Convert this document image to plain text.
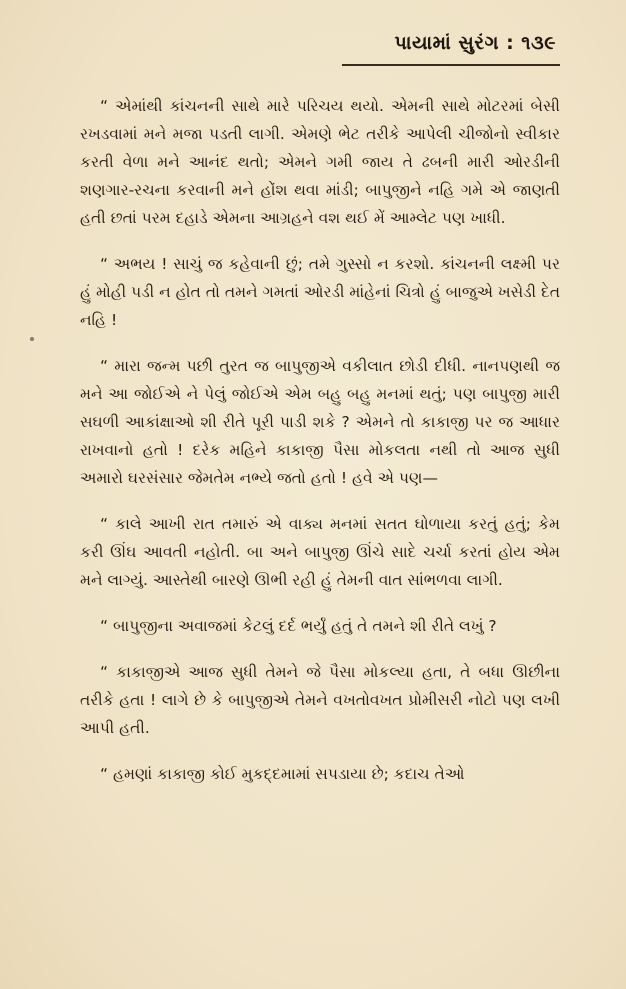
પાયામાં સુરંગ : ૧૩૯

“ એમાંથી કાંચનની સાથે મારે પરિચય થયો. એમની સાથે મોટરમાં બેસી રખડવામાં મને મજા પડતી લાગી. એમણે ભેટ તરીકે આપેલી ચીજોનો સ્વીકાર કરતી વેળા મને આનંદ થતો; એમને ગમી જાય તે ઢબની મારી ઓરડીની શણગાર-રચના કરવાની મને હોંશ થવા માંડી; બાપુજીને નહિ ગમે એ જાણતી હતી છતાં પરમ દહાડે એમના આગ્રહને વશ થઈ મેં આમ્લેટ પણ ખાધી.

“ અભય ! સાચું જ કહેવાની છું; તમે ગુસ્સો ન કરશો. કાંચનની લક્ષ્મી પર હું મોહી પડી ન હોત તો તમને ગમતાં ઓરડી માંહેનાં ચિત્રો હું બાજુએ ખસેડી દેત નહિ !

“ મારા જન્મ પછી તુરત જ બાપુજીએ વકીલાત છોડી દીધી. નાનપણથી જ મને આ જોઈએ ને પેલું જોઈએ એમ બહુ બહુ મનમાં થતું; પણ બાપુજી મારી સઘળી આકાંક્ષાઓ શી રીતે પૂરી પાડી શકે ? એમને તો કાકાજી પર જ આધાર રાખવાનો હતો ! દરેક મહિને કાકાજી પૈસા મોકલતા નથી તો આજ સુધી અમારો ઘરસંસાર જેમતેમ નભ્યે જતો હતો ! હવે એ પણ—

“ કાલે આખી રાત તમારું એ વાક્ય મનમાં સતત ઘોળાયા કરતું હતું; કેમ કરી ઊંઘ આવતી નહોતી. બા અને બાપુજી ઊંચે સાદે ચર્ચા કરતાં હોય એમ મને લાગ્યું. આસ્તેથી બારણે ઊભી રહી હું તેમની વાત સાંભળવા લાગી.

“ બાપુજીના અવાજમાં કેટલું દર્દ ભર્યું હતું તે તમને શી રીતે લખું ?

“ કાકાજીએ આજ સુધી તેમને જે પૈસા મોકલ્યા હતા, તે બધા ઊછીના તરીકે હતા ! લાગે છે કે બાપુજીએ તેમને વખતોવખત પ્રોમીસરી નોટો પણ લખી આપી હતી.

“ હમણાં કાકાજી કોઈ મુકદ્દમામાં સપડાયા છે; કદાચ તેઓ
